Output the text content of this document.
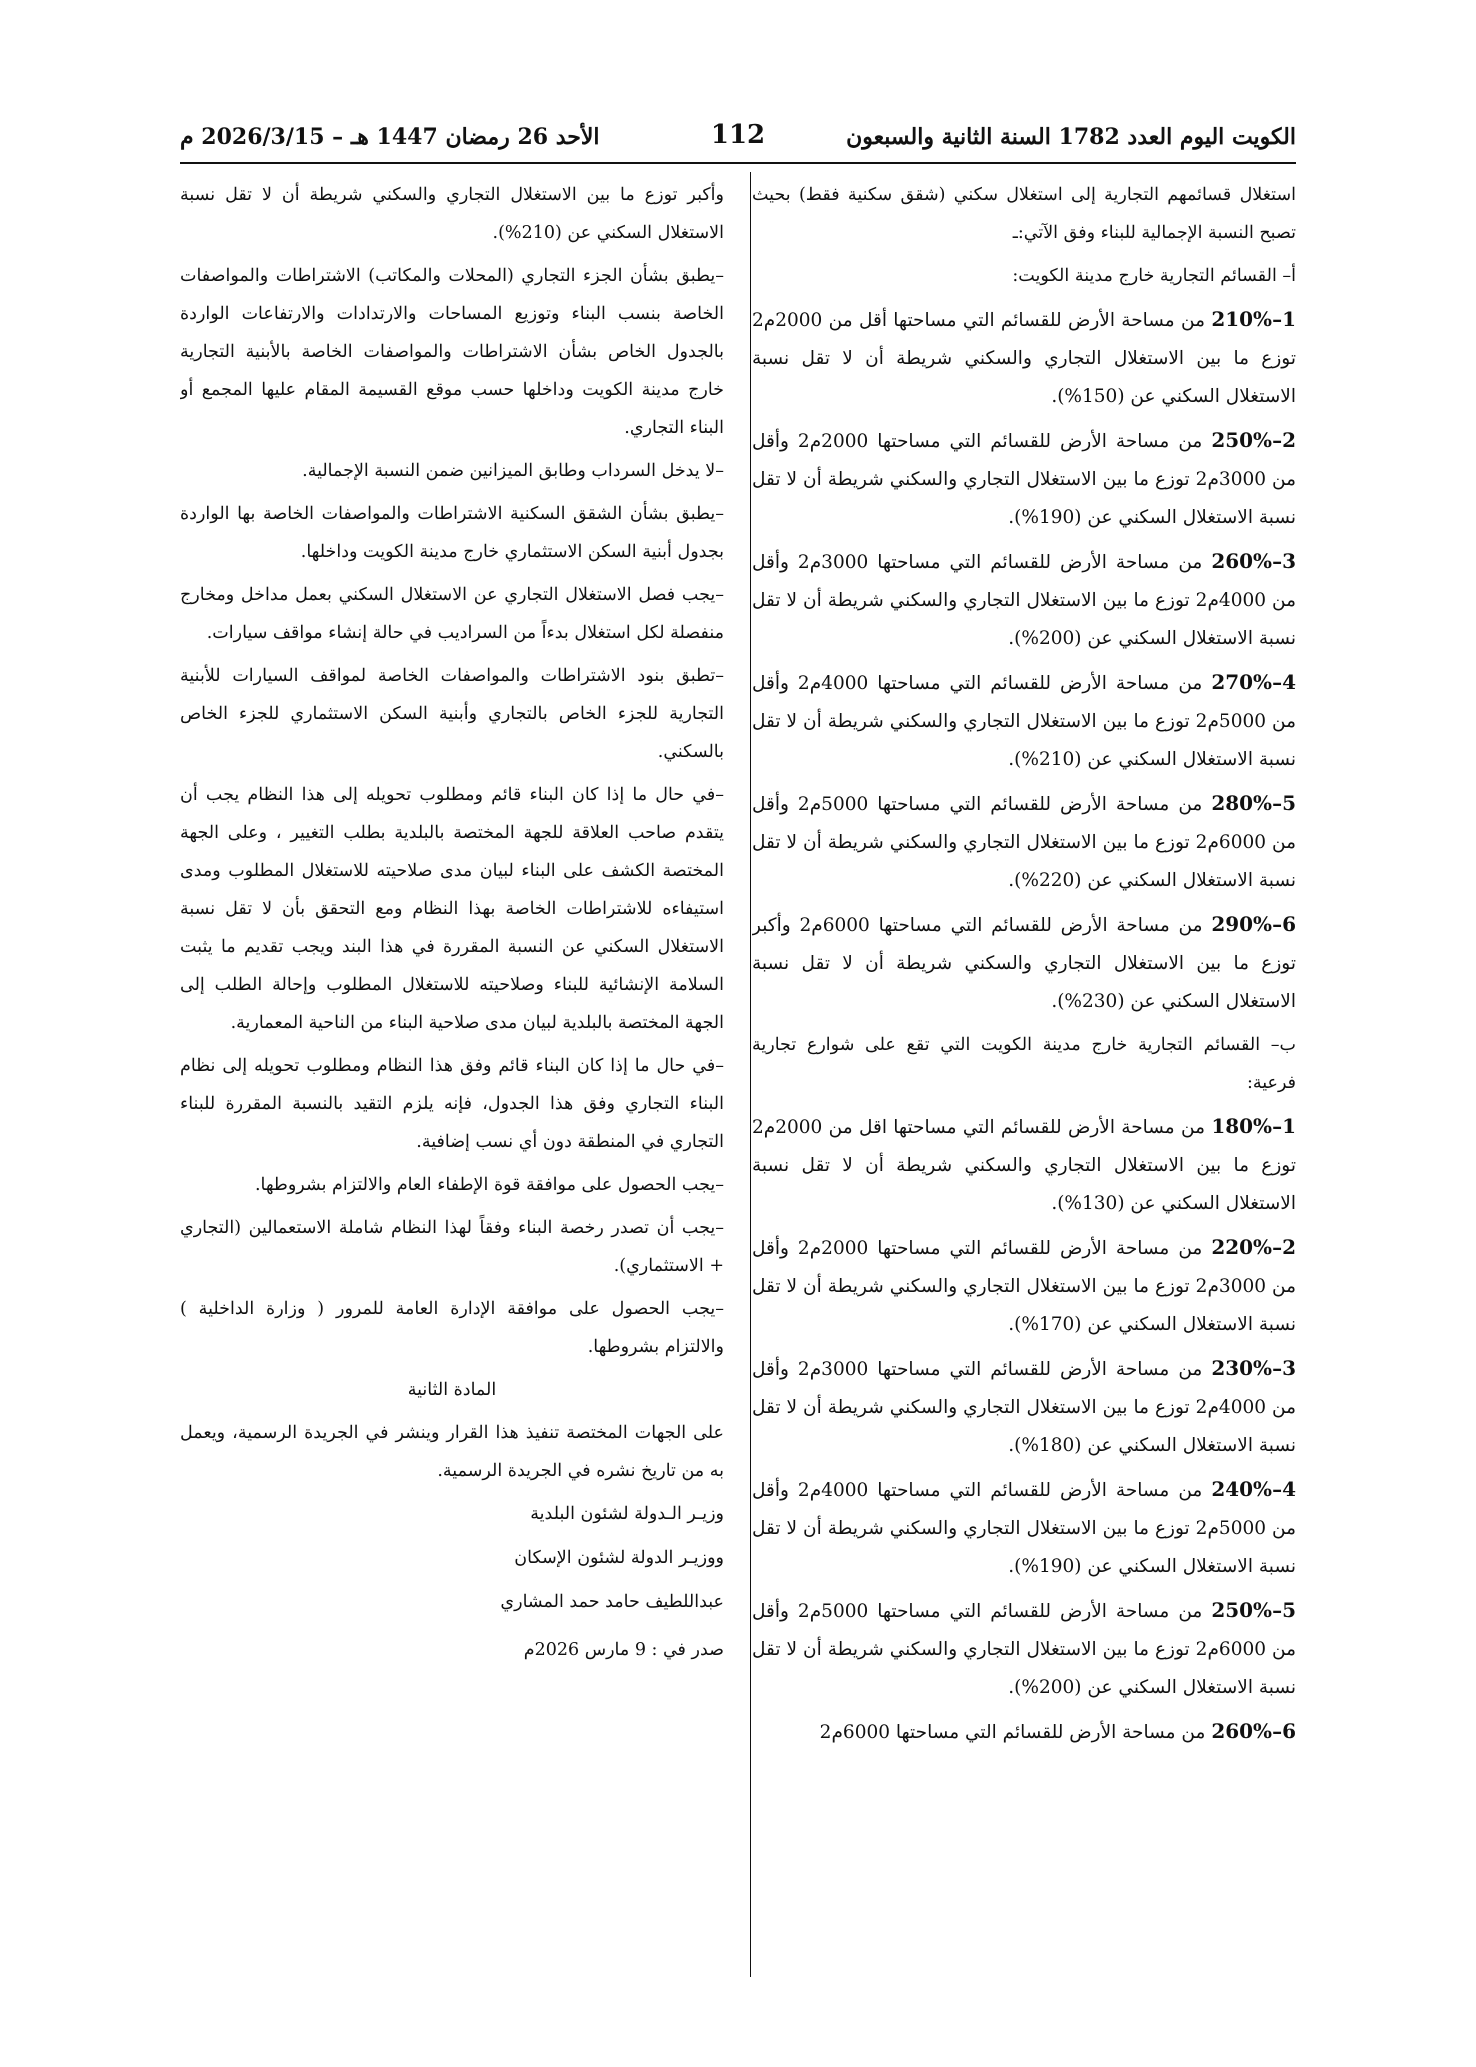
الكويت اليوم العدد 1782 السنة الثانية والسبعون
112
الأحد 26 رمضان 1447 هـ – 2026/3/15 م

استغلال قسائمهم التجارية إلى استغلال سكني (شقق سكنية فقط) بحيث تصبح النسبة الإجمالية للبناء وفق الآتي:ـ

أ– القسائم التجارية خارج مدينة الكويت:

1–210% من مساحة الأرض للقسائم التي مساحتها أقل من 2000م2 توزع ما بين الاستغلال التجاري والسكني شريطة أن لا تقل نسبة الاستغلال السكني عن (150%).

2–250% من مساحة الأرض للقسائم التي مساحتها 2000م2 وأقل من 3000م2 توزع ما بين الاستغلال التجاري والسكني شريطة أن لا تقل نسبة الاستغلال السكني عن (190%).

3–260% من مساحة الأرض للقسائم التي مساحتها 3000م2 وأقل من 4000م2 توزع ما بين الاستغلال التجاري والسكني شريطة أن لا تقل نسبة الاستغلال السكني عن (200%).

4–270% من مساحة الأرض للقسائم التي مساحتها 4000م2 وأقل من 5000م2 توزع ما بين الاستغلال التجاري والسكني شريطة أن لا تقل نسبة الاستغلال السكني عن (210%).

5–280% من مساحة الأرض للقسائم التي مساحتها 5000م2 وأقل من 6000م2 توزع ما بين الاستغلال التجاري والسكني شريطة أن لا تقل نسبة الاستغلال السكني عن (220%).

6–290% من مساحة الأرض للقسائم التي مساحتها 6000م2 وأكبر توزع ما بين الاستغلال التجاري والسكني شريطة أن لا تقل نسبة الاستغلال السكني عن (230%).

ب– القسائم التجارية خارج مدينة الكويت التي تقع على شوارع تجارية فرعية:

1–180% من مساحة الأرض للقسائم التي مساحتها اقل من 2000م2 توزع ما بين الاستغلال التجاري والسكني شريطة أن لا تقل نسبة الاستغلال السكني عن (130%).

2–220% من مساحة الأرض للقسائم التي مساحتها 2000م2 وأقل من 3000م2 توزع ما بين الاستغلال التجاري والسكني شريطة أن لا تقل نسبة الاستغلال السكني عن (170%).

3–230% من مساحة الأرض للقسائم التي مساحتها 3000م2 وأقل من 4000م2 توزع ما بين الاستغلال التجاري والسكني شريطة أن لا تقل نسبة الاستغلال السكني عن (180%).

4–240% من مساحة الأرض للقسائم التي مساحتها 4000م2 وأقل من 5000م2 توزع ما بين الاستغلال التجاري والسكني شريطة أن لا تقل نسبة الاستغلال السكني عن (190%).

5–250% من مساحة الأرض للقسائم التي مساحتها 5000م2 وأقل من 6000م2 توزع ما بين الاستغلال التجاري والسكني شريطة أن لا تقل نسبة الاستغلال السكني عن (200%).

6–260% من مساحة الأرض للقسائم التي مساحتها 6000م2

وأكبر توزع ما بين الاستغلال التجاري والسكني شريطة أن لا تقل نسبة الاستغلال السكني عن (210%).

–يطبق بشأن الجزء التجاري (المحلات والمكاتب) الاشتراطات والمواصفات الخاصة بنسب البناء وتوزيع المساحات والارتدادات والارتفاعات الواردة بالجدول الخاص بشأن الاشتراطات والمواصفات الخاصة بالأبنية التجارية خارج مدينة الكويت وداخلها حسب موقع القسيمة المقام عليها المجمع أو البناء التجاري.

–لا يدخل السرداب وطابق الميزانين ضمن النسبة الإجمالية.

–يطبق بشأن الشقق السكنية الاشتراطات والمواصفات الخاصة بها الواردة بجدول أبنية السكن الاستثماري خارج مدينة الكويت وداخلها.

–يجب فصل الاستغلال التجاري عن الاستغلال السكني بعمل مداخل ومخارج منفصلة لكل استغلال بدءاً من السراديب في حالة إنشاء مواقف سيارات.

–تطبق بنود الاشتراطات والمواصفات الخاصة لمواقف السيارات للأبنية التجارية للجزء الخاص بالتجاري وأبنية السكن الاستثماري للجزء الخاص بالسكني.

–في حال ما إذا كان البناء قائم ومطلوب تحويله إلى هذا النظام يجب أن يتقدم صاحب العلاقة للجهة المختصة بالبلدية بطلب التغيير ، وعلى الجهة المختصة الكشف على البناء لبيان مدى صلاحيته للاستغلال المطلوب ومدى استيفاءه للاشتراطات الخاصة بهذا النظام ومع التحقق بأن لا تقل نسبة الاستغلال السكني عن النسبة المقررة في هذا البند ويجب تقديم ما يثبت السلامة الإنشائية للبناء وصلاحيته للاستغلال المطلوب وإحالة الطلب إلى الجهة المختصة بالبلدية لبيان مدى صلاحية البناء من الناحية المعمارية.

–في حال ما إذا كان البناء قائم وفق هذا النظام ومطلوب تحويله إلى نظام البناء التجاري وفق هذا الجدول، فإنه يلزم التقيد بالنسبة المقررة للبناء التجاري في المنطقة دون أي نسب إضافية.

–يجب الحصول على موافقة قوة الإطفاء العام والالتزام بشروطها.

–يجب أن تصدر رخصة البناء وفقاً لهذا النظام شاملة الاستعمالين (التجاري + الاستثماري).

–يجب الحصول على موافقة الإدارة العامة للمرور ( وزارة الداخلية ) والالتزام بشروطها.

المادة الثانية

على الجهات المختصة تنفيذ هذا القرار وينشر في الجريدة الرسمية، ويعمل به من تاريخ نشره في الجريدة الرسمية.

وزيـر الـدولة لشئون البلدية

ووزيـر الدولة لشئون الإسكان

عبداللطيف حامد حمد المشاري

صدر في : 9 مارس 2026م
